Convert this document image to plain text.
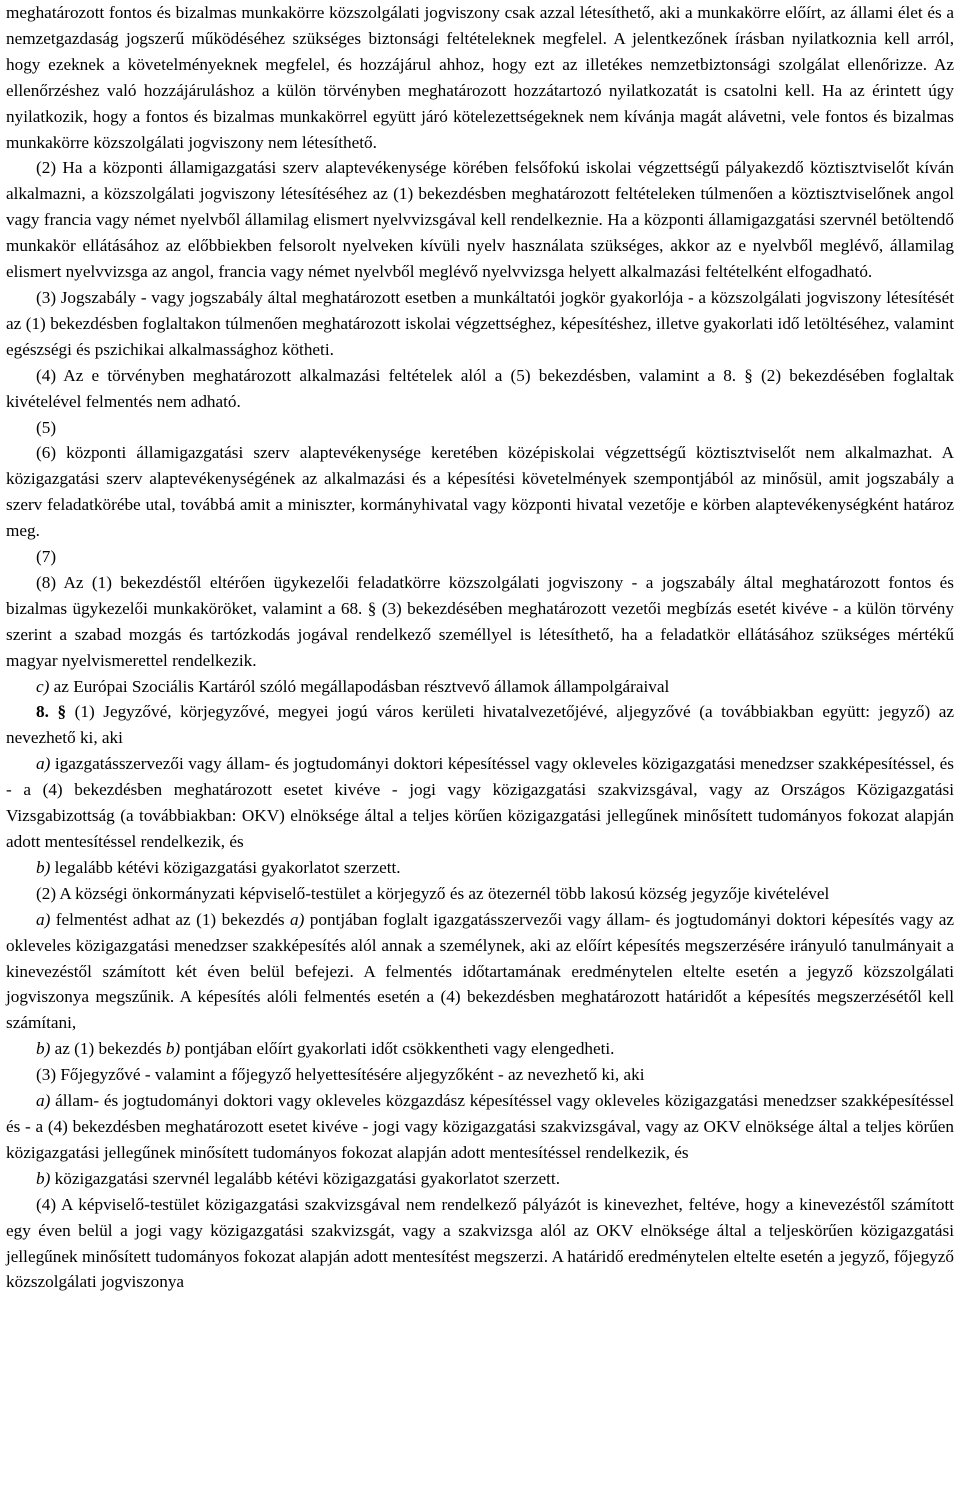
meghatározott fontos és bizalmas munkakörre közszolgálati jogviszony csak azzal létesíthető, aki a munkakörre előírt, az állami élet és a nemzetgazdaság jogszerű működéséhez szükséges biztonsági feltételeknek megfelel. A jelentkezőnek írásban nyilatkoznia kell arról, hogy ezeknek a követelményeknek megfelel, és hozzájárul ahhoz, hogy ezt az illetékes nemzetbiztonsági szolgálat ellenőrizze. Az ellenőrzéshez való hozzájáruláshoz a külön törvényben meghatározott hozzátartozó nyilatkozatát is csatolni kell. Ha az érintett úgy nyilatkozik, hogy a fontos és bizalmas munkakörrel együtt járó kötelezettségeknek nem kívánja magát alávetni, vele fontos és bizalmas munkakörre közszolgálati jogviszony nem létesíthető.

(2) Ha a központi államigazgatási szerv alaptevékenysége körében felsőfokú iskolai végzettségű pályakezdő köztisztviselőt kíván alkalmazni, a közszolgálati jogviszony létesítéséhez az (1) bekezdésben meghatározott feltételeken túlmenően a köztisztviselőnek angol vagy francia vagy német nyelvből államilag elismert nyelvvizsgával kell rendelkeznie. Ha a központi államigazgatási szervnél betöltendő munkakör ellátásához az előbbiekben felsorolt nyelveken kívüli nyelv használata szükséges, akkor az e nyelvből meglévő, államilag elismert nyelvvizsga az angol, francia vagy német nyelvből meglévő nyelvvizsga helyett alkalmazási feltételként elfogadható.

(3) Jogszabály - vagy jogszabály által meghatározott esetben a munkáltatói jogkör gyakorlója - a közszolgálati jogviszony létesítését az (1) bekezdésben foglaltakon túlmenően meghatározott iskolai végzettséghez, képesítéshez, illetve gyakorlati idő letöltéséhez, valamint egészségi és pszichikai alkalmassághoz kötheti.

(4) Az e törvényben meghatározott alkalmazási feltételek alól a (5) bekezdésben, valamint a 8. § (2) bekezdésében foglaltak kivételével felmentés nem adható.

(5)

(6) központi államigazgatási szerv alaptevékenysége keretében középiskolai végzettségű köztisztviselőt nem alkalmazhat. A közigazgatási szerv alaptevékenységének az alkalmazási és a képesítési követelmények szempontjából az minősül, amit jogszabály a szerv feladatkörébe utal, továbbá amit a miniszter, kormányhivatal vagy központi hivatal vezetője e körben alaptevékenységként határoz meg.

(7)

(8) Az (1) bekezdéstől eltérően ügykezelői feladatkörre közszolgálati jogviszony - a jogszabály által meghatározott fontos és bizalmas ügykezelői munkaköröket, valamint a 68. § (3) bekezdésében meghatározott vezetői megbízás esetét kivéve - a külön törvény szerint a szabad mozgás és tartózkodás jogával rendelkező személlyel is létesíthető, ha a feladatkör ellátásához szükséges mértékű magyar nyelvismerettel rendelkezik.

c) az Európai Szociális Kartáról szóló megállapodásban résztvevő államok állampolgáraival

8. § (1) Jegyzővé, körjegyzővé, megyei jogú város kerületi hivatalvezetőjévé, aljegyzővé (a továbbiakban együtt: jegyző) az nevezhető ki, aki

a) igazgatásszervezői vagy állam- és jogtudományi doktori képesítéssel vagy okleveles közigazgatási menedzser szakképesítéssel, és - a (4) bekezdésben meghatározott esetet kivéve - jogi vagy közigazgatási szakvizsgával, vagy az Országos Közigazgatási Vizsgabizottság (a továbbiakban: OKV) elnöksége által a teljes körűen közigazgatási jellegűnek minősített tudományos fokozat alapján adott mentesítéssel rendelkezik, és

b) legalább kétévi közigazgatási gyakorlatot szerzett.

(2) A községi önkormányzati képviselő-testület a körjegyző és az ötezernél több lakosú község jegyzője kivételével

a) felmentést adhat az (1) bekezdés a) pontjában foglalt igazgatásszervezői vagy állam- és jogtudományi doktori képesítés vagy az okleveles közigazgatási menedzser szakképesítés alól annak a személynek, aki az előírt képesítés megszerzésére irányuló tanulmányait a kinevezéstől számított két éven belül befejezi. A felmentés időtartamának eredménytelen eltelte esetén a jegyző közszolgálati jogviszonya megszűnik. A képesítés alóli felmentés esetén a (4) bekezdésben meghatározott határidőt a képesítés megszerzésétől kell számítani,

b) az (1) bekezdés b) pontjában előírt gyakorlati időt csökkentheti vagy elengedheti.

(3) Főjegyzővé - valamint a főjegyző helyettesítésére aljegyzőként - az nevezhető ki, aki

a) állam- és jogtudományi doktori vagy okleveles közgazdász képesítéssel vagy okleveles közigazgatási menedzser szakképesítéssel és - a (4) bekezdésben meghatározott esetet kivéve - jogi vagy közigazgatási szakvizsgával, vagy az OKV elnöksége által a teljes körűen közigazgatási jellegűnek minősített tudományos fokozat alapján adott mentesítéssel rendelkezik, és

b) közigazgatási szervnél legalább kétévi közigazgatási gyakorlatot szerzett.

(4) A képviselő-testület közigazgatási szakvizsgával nem rendelkező pályázót is kinevezhet, feltéve, hogy a kinevezéstől számított egy éven belül a jogi vagy közigazgatási szakvizsgát, vagy a szakvizsga alól az OKV elnöksége által a teljeskörűen közigazgatási jellegűnek minősített tudományos fokozat alapján adott mentesítést megszerzi. A határidő eredménytelen eltelte esetén a jegyző, főjegyző közszolgálati jogviszonya
